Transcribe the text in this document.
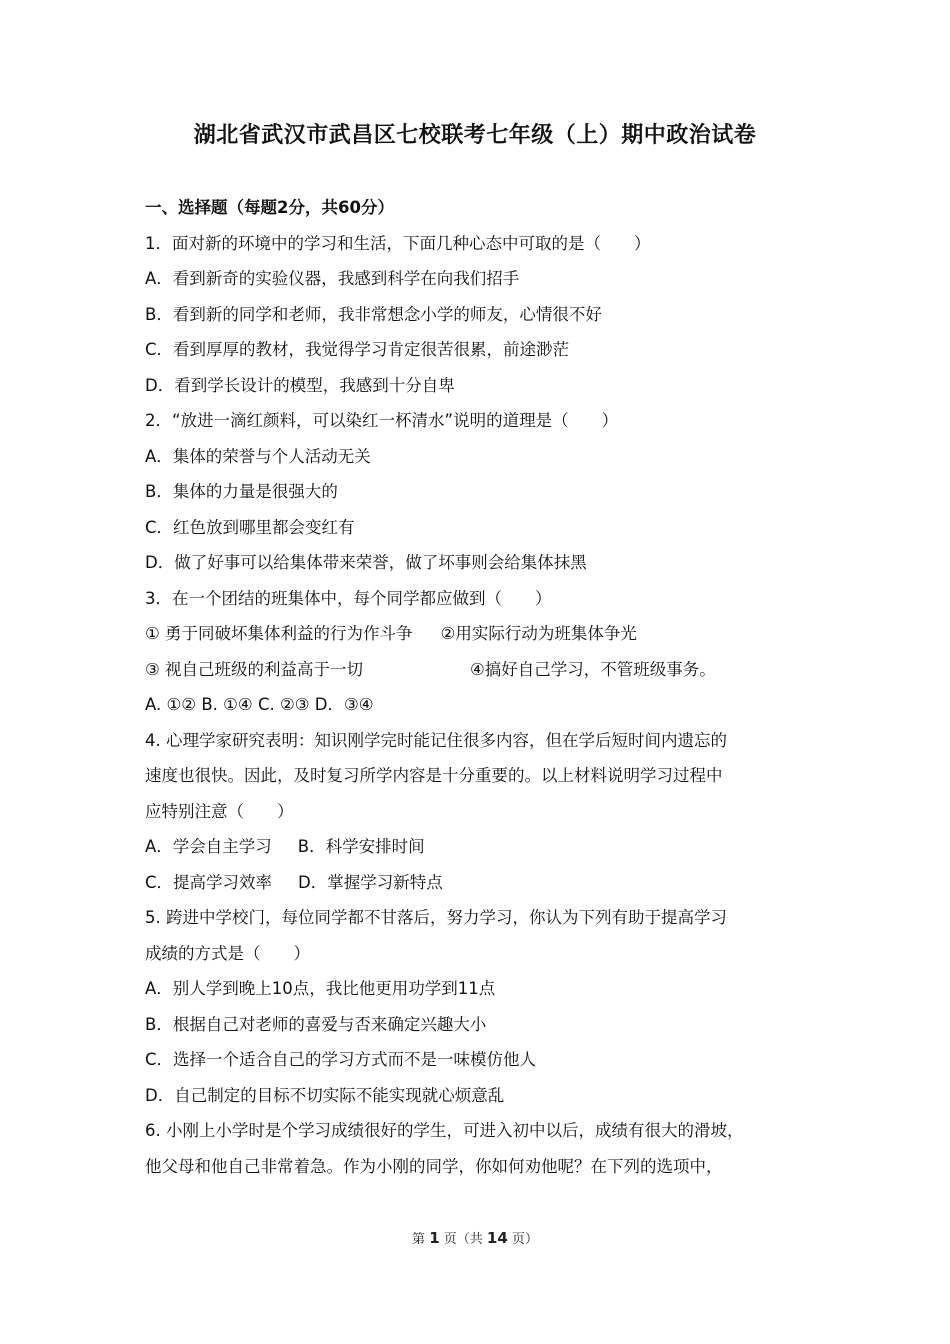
湖北省武汉市武昌区七校联考七年级（上）期中政治试卷
一、选择题（每题2分，共60分）
1．面对新的环境中的学习和生活，下面几种心态中可取的是（　　）
A．看到新奇的实验仪器，我感到科学在向我们招手
B．看到新的同学和老师，我非常想念小学的师友，心情很不好
C．看到厚厚的教材，我觉得学习肯定很苦很累，前途渺茫
D．看到学长设计的模型，我感到十分自卑
2．“放进一滴红颜料，可以染红一杯清水”说明的道理是（　　）
A．集体的荣誉与个人活动无关
B．集体的力量是很强大的
C．红色放到哪里都会变红有
D．做了好事可以给集体带来荣誉，做了坏事则会给集体抹黑
3．在一个团结的班集体中，每个同学都应做到（　　）
① 勇于同破坏集体利益的行为作斗争 ②用实际行动为班集体争光
③ 视自己班级的利益高于一切	④搞好自己学习，不管班级事务。
A. ①② B. ①④ C. ②③ D．③④
4. 心理学家研究表明：知识刚学完时能记住很多内容，但在学后短时间内遗忘的
速度也很快。因此，及时复习所学内容是十分重要的。以上材料说明学习过程中
应特别注意（　　）
A．学会自主学习 B．科学安排时间
C．提高学习效率 D．掌握学习新特点
5. 跨进中学校门，每位同学都不甘落后，努力学习，你认为下列有助于提高学习
成绩的方式是（　　）
A．别人学到晚上10点，我比他更用功学到11点
B．根据自己对老师的喜爱与否来确定兴趣大小
C．选择一个适合自己的学习方式而不是一味模仿他人
D．自己制定的目标不切实际不能实现就心烦意乱
6. 小刚上小学时是个学习成绩很好的学生，可进入初中以后，成绩有很大的滑坡，
他父母和他自己非常着急。作为小刚的同学，你如何劝他呢？在下列的选项中，
第 1 页（共 14 页）
